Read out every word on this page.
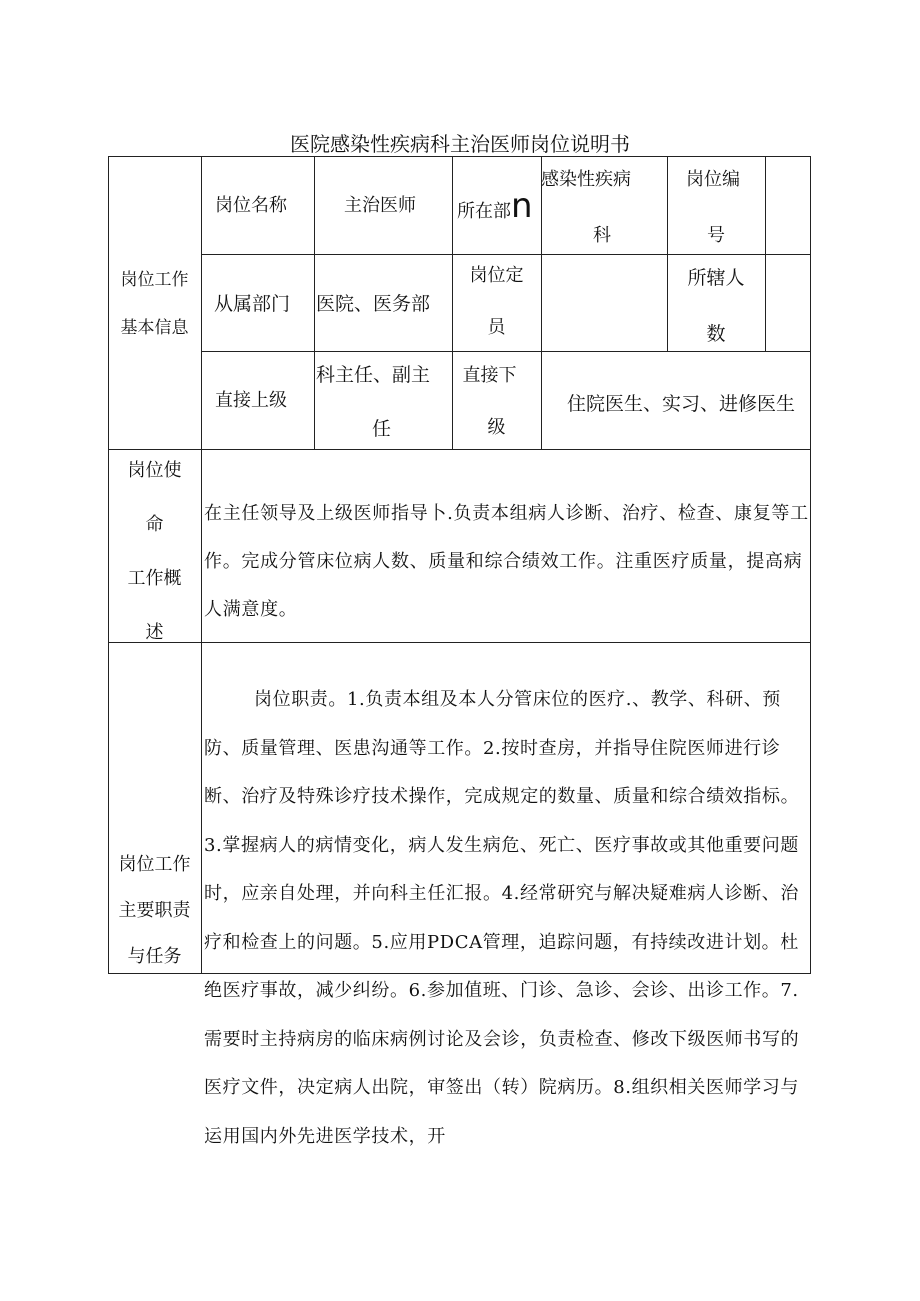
医院感染性疾病科主治医师岗位说明书
岗位工作
基本信息
岗位名称	主治医师 所在部n
感染性疾病
科
岗位编
号
从属部门 医院、医务部
岗位定
员
所辖人
数
直接上级
科主任、副主
任
直接下
级
住院医生、实习、进修医生
岗位使
命
工作概
述
在主任领导及上级医师指导卜.负责本组病人诊断、治疗、检查、康复等工作。完成分管床位病人数、质量和综合绩效工作。注重医疗质量，提高病人满意度。
岗位工作
主要职责
与任务
岗位职责。1.负责本组及本人分管床位的医疗.、教学、科研、预防、质量管理、医患沟通等工作。2.按时查房，并指导住院医师进行诊断、治疗及特殊诊疗技术操作，完成规定的数量、质量和综合绩效指标。3.掌握病人的病情变化，病人发生病危、死亡、医疗事故或其他重要问题时，应亲自处理，并向科主任汇报。4.经常研究与解决疑难病人诊断、治疗和检查上的问题。5.应用PDCA管理，追踪问题，有持续改进计划。杜绝医疗事故，减少纠纷。6.参加值班、门诊、急诊、会诊、出诊工作。7.需要时主持病房的临床病例讨论及会诊，负责检查、修改下级医师书写的医疗文件，决定病人出院，审签出（转）院病历。8.组织相关医师学习与运用国内外先进医学技术，开
